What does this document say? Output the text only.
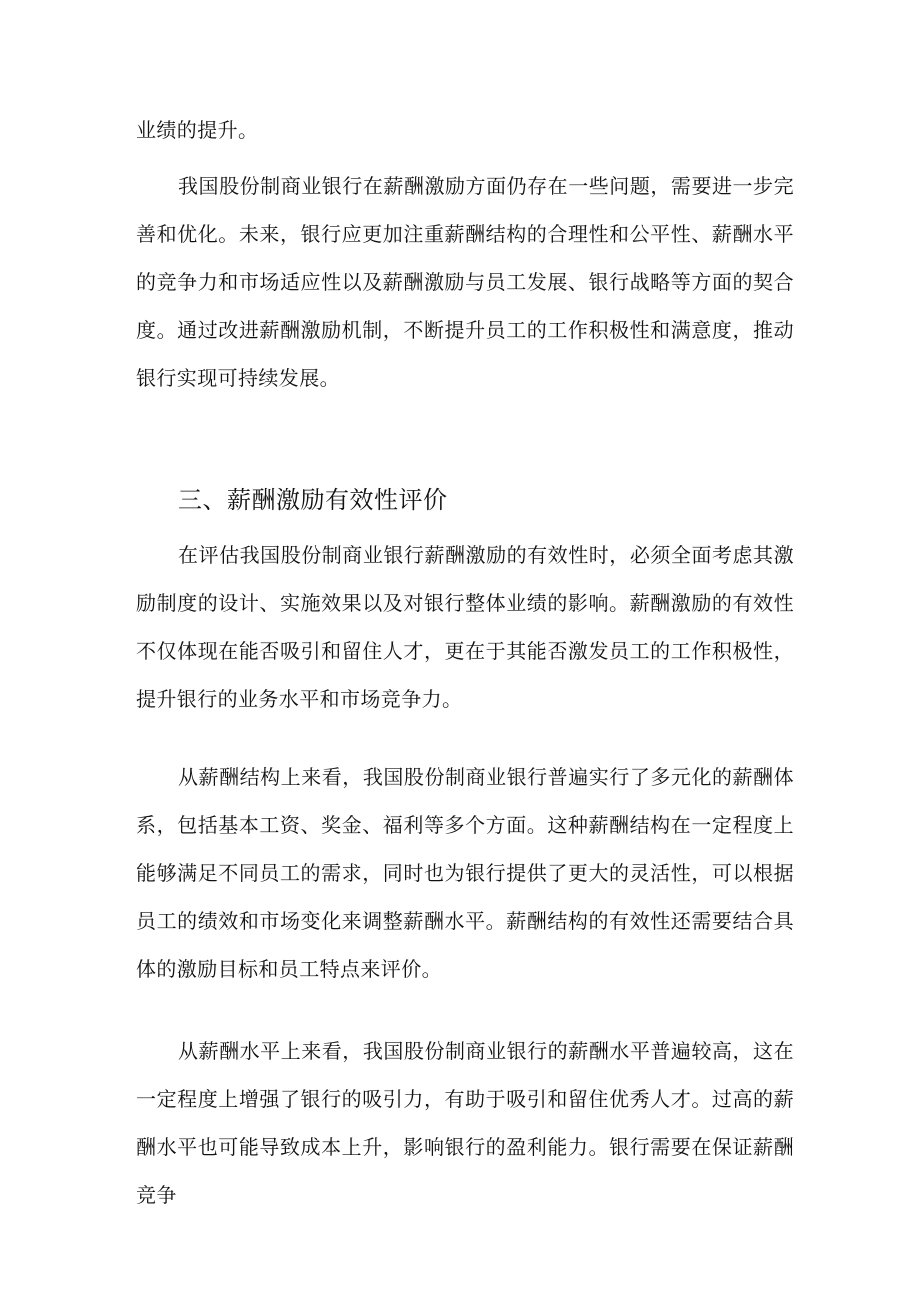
业绩的提升。

我国股份制商业银行在薪酬激励方面仍存在一些问题，需要进一步完善和优化。未来，银行应更加注重薪酬结构的合理性和公平性、薪酬水平的竞争力和市场适应性以及薪酬激励与员工发展、银行战略等方面的契合度。通过改进薪酬激励机制，不断提升员工的工作积极性和满意度，推动银行实现可持续发展。

三、薪酬激励有效性评价

在评估我国股份制商业银行薪酬激励的有效性时，必须全面考虑其激励制度的设计、实施效果以及对银行整体业绩的影响。薪酬激励的有效性不仅体现在能否吸引和留住人才，更在于其能否激发员工的工作积极性，提升银行的业务水平和市场竞争力。

从薪酬结构上来看，我国股份制商业银行普遍实行了多元化的薪酬体系，包括基本工资、奖金、福利等多个方面。这种薪酬结构在一定程度上能够满足不同员工的需求，同时也为银行提供了更大的灵活性，可以根据员工的绩效和市场变化来调整薪酬水平。薪酬结构的有效性还需要结合具体的激励目标和员工特点来评价。

从薪酬水平上来看，我国股份制商业银行的薪酬水平普遍较高，这在一定程度上增强了银行的吸引力，有助于吸引和留住优秀人才。过高的薪酬水平也可能导致成本上升，影响银行的盈利能力。银行需要在保证薪酬竞争
